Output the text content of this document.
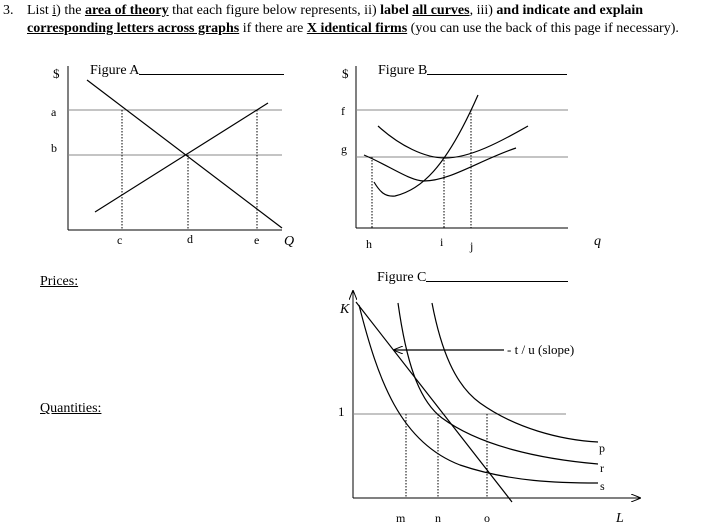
3. List i) the area of theory that each figure below represents, ii) label all curves, iii) and indicate and explain corresponding letters across graphs if there are X identical firms (you can use the back of this page if necessary).
Figure A	Figure B
Figure C
Prices:
Quantities:
$
a
b
c	d	e Q
$
f
g
h	i j	q
K
L
1
- t / u (slope)
m n	o
p
r
s
